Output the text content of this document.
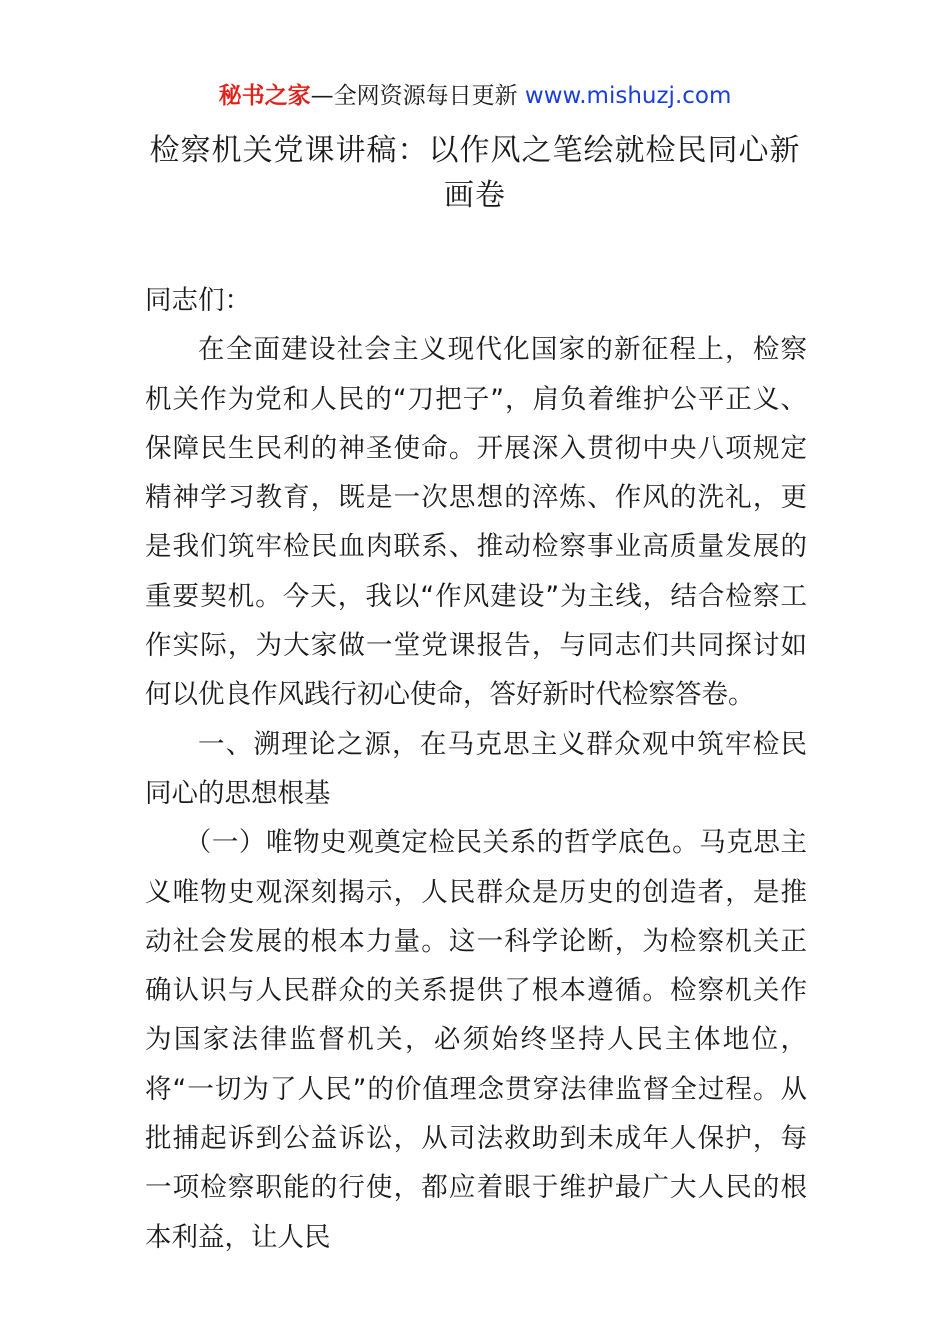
秘书之家—全网资源每日更新 www.mishuzj.com
检察机关党课讲稿：以作风之笔绘就检民同心新画卷

同志们：

在全面建设社会主义现代化国家的新征程上，检察机关作为党和人民的“刀把子”，肩负着维护公平正义、保障民生民利的神圣使命。开展深入贯彻中央八项规定精神学习教育，既是一次思想的淬炼、作风的洗礼，更是我们筑牢检民血肉联系、推动检察事业高质量发展的重要契机。今天，我以“作风建设”为主线，结合检察工作实际，为大家做一堂党课报告，与同志们共同探讨如何以优良作风践行初心使命，答好新时代检察答卷。

一、溯理论之源，在马克思主义群众观中筑牢检民同心的思想根基

（一）唯物史观奠定检民关系的哲学底色。马克思主义唯物史观深刻揭示，人民群众是历史的创造者，是推动社会发展的根本力量。这一科学论断，为检察机关正确认识与人民群众的关系提供了根本遵循。检察机关作为国家法律监督机关，必须始终坚持人民主体地位，将“一切为了人民”的价值理念贯穿法律监督全过程。从批捕起诉到公益诉讼，从司法救助到未成年人保护，每一项检察职能的行使，都应着眼于维护最广大人民的根本利益，让人民
